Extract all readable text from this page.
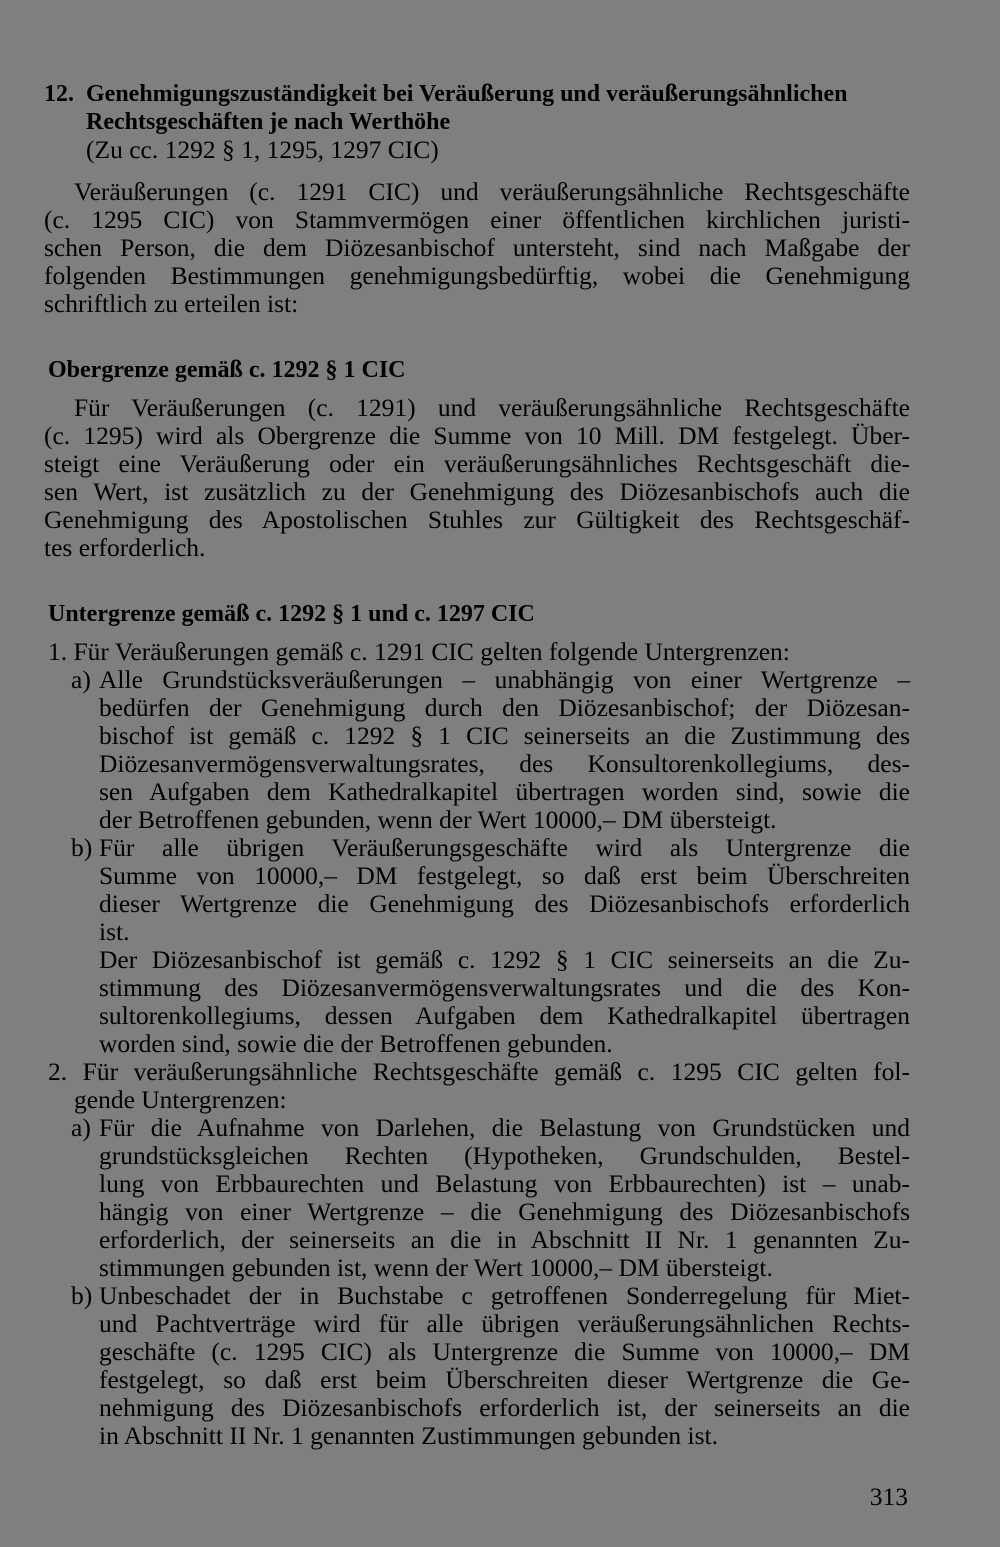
12. Genehmigungszuständigkeit bei Veräußerung und veräußerungsähnlichen
Rechtsgeschäften je nach Werthöhe
(Zu cc. 1292 § 1, 1295, 1297 CIC)
Veräußerungen (c. 1291 CIC) und veräußerungsähnliche Rechtsgeschäfte
(c. 1295 CIC) von Stammvermögen einer öffentlichen kirchlichen juristi-
schen Person, die dem Diözesanbischof untersteht, sind nach Maßgabe der
folgenden Bestimmungen genehmigungsbedürftig, wobei die Genehmigung
schriftlich zu erteilen ist:
Obergrenze gemäß c. 1292 § 1 CIC
Für Veräußerungen (c. 1291) und veräußerungsähnliche Rechtsgeschäfte
(c. 1295) wird als Obergrenze die Summe von 10 Mill. DM festgelegt. Über-
steigt eine Veräußerung oder ein veräußerungsähnliches Rechtsgeschäft die-
sen Wert, ist zusätzlich zu der Genehmigung des Diözesanbischofs auch die
Genehmigung des Apostolischen Stuhles zur Gültigkeit des Rechtsgeschäf-
tes erforderlich.
Untergrenze gemäß c. 1292 § 1 und c. 1297 CIC
1. Für Veräußerungen gemäß c. 1291 CIC gelten folgende Untergrenzen:
a) Alle Grundstücksveräußerungen – unabhängig von einer Wertgrenze –
bedürfen der Genehmigung durch den Diözesanbischof; der Diözesan-
bischof ist gemäß c. 1292 § 1 CIC seinerseits an die Zustimmung des
Diözesanvermögensverwaltungsrates, des Konsultorenkollegiums, des-
sen Aufgaben dem Kathedralkapitel übertragen worden sind, sowie die
der Betroffenen gebunden, wenn der Wert 10000,– DM übersteigt.
b) Für alle übrigen Veräußerungsgeschäfte wird als Untergrenze die
Summe von 10000,– DM festgelegt, so daß erst beim Überschreiten
dieser Wertgrenze die Genehmigung des Diözesanbischofs erforderlich
ist.
Der Diözesanbischof ist gemäß c. 1292 § 1 CIC seinerseits an die Zu-
stimmung des Diözesanvermögensverwaltungsrates und die des Kon-
sultorenkollegiums, dessen Aufgaben dem Kathedralkapitel übertragen
worden sind, sowie die der Betroffenen gebunden.
2. Für veräußerungsähnliche Rechtsgeschäfte gemäß c. 1295 CIC gelten fol-
gende Untergrenzen:
a) Für die Aufnahme von Darlehen, die Belastung von Grundstücken und
grundstücksgleichen Rechten (Hypotheken, Grundschulden, Bestel-
lung von Erbbaurechten und Belastung von Erbbaurechten) ist – unab-
hängig von einer Wertgrenze – die Genehmigung des Diözesanbischofs
erforderlich, der seinerseits an die in Abschnitt II Nr. 1 genannten Zu-
stimmungen gebunden ist, wenn der Wert 10000,– DM übersteigt.
b) Unbeschadet der in Buchstabe c getroffenen Sonderregelung für Miet-
und Pachtverträge wird für alle übrigen veräußerungsähnlichen Rechts-
geschäfte (c. 1295 CIC) als Untergrenze die Summe von 10000,– DM
festgelegt, so daß erst beim Überschreiten dieser Wertgrenze die Ge-
nehmigung des Diözesanbischofs erforderlich ist, der seinerseits an die
in Abschnitt II Nr. 1 genannten Zustimmungen gebunden ist.
313
